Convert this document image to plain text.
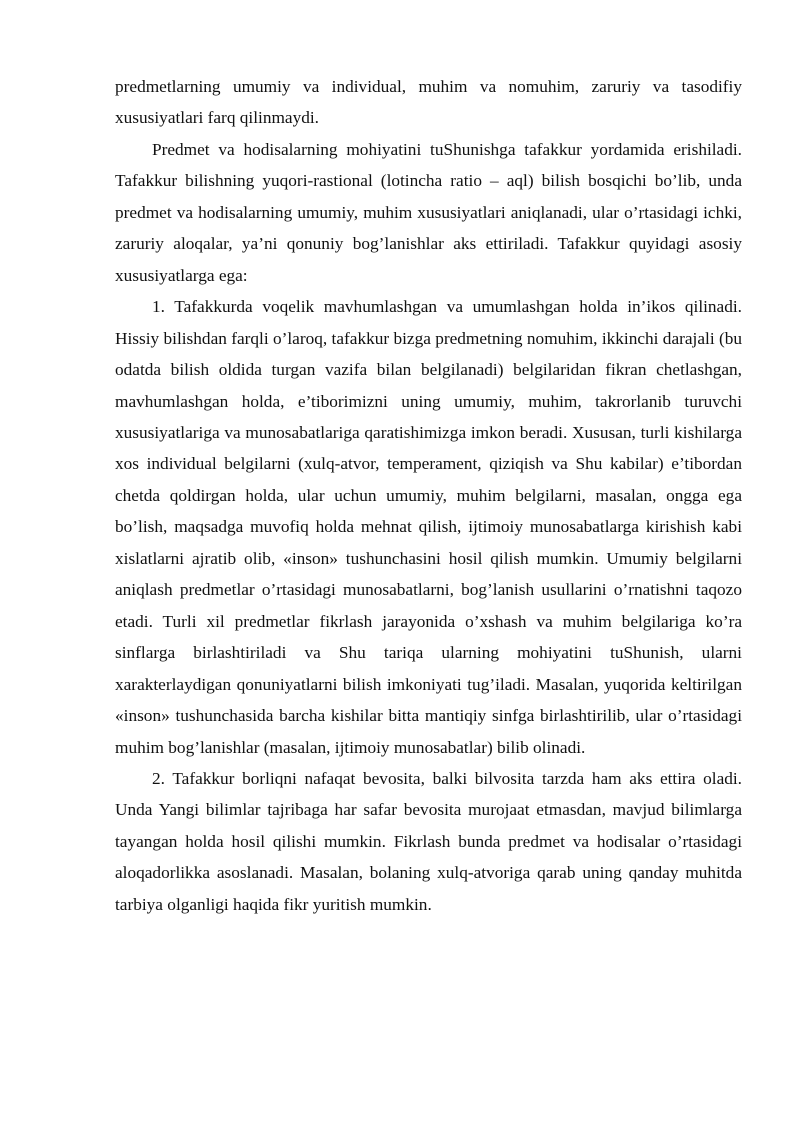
predmetlarning umumiy va individual, muhim va nomuhim, zaruriy va tasodifiy xususiyatlari farq qilinmaydi.

Predmet va hodisalarning mohiyatini tuShunishga tafakkur yordamida erishiladi. Tafakkur bilishning yuqori-rastional (lotincha ratio – aql) bilish bosqichi bo’lib, unda predmet va hodisalarning umumiy, muhim xususiyatlari aniqlanadi, ular o’rtasidagi ichki, zaruriy aloqalar, ya’ni qonuniy bog’lanishlar aks ettiriladi. Tafakkur quyidagi asosiy xususiyatlarga ega:

1. Tafakkurda voqelik mavhumlashgan va umumlashgan holda in’ikos qilinadi. Hissiy bilishdan farqli o’laroq, tafakkur bizga predmetning nomuhim, ikkinchi darajali (bu odatda bilish oldida turgan vazifa bilan belgilanadi) belgilaridan fikran chetlashgan, mavhumlashgan holda, e’tiborimizni uning umumiy, muhim, takrorlanib turuvchi xususiyatlariga va munosabatlariga qaratishimizga imkon beradi. Xususan, turli kishilarga xos individual belgilarni (xulq-atvor, temperament, qiziqish va Shu kabilar) e’tibordan chetda qoldirgan holda, ular uchun umumiy, muhim belgilarni, masalan, ongga ega bo’lish, maqsadga muvofiq holda mehnat qilish, ijtimoiy munosabatlarga kirishish kabi xislatlarni ajratib olib, «inson» tushunchasini hosil qilish mumkin. Umumiy belgilarni aniqlash predmetlar o’rtasidagi munosabatlarni, bog’lanish usullarini o’rnatishni taqozo etadi. Turli xil predmetlar fikrlash jarayonida o’xshash va muhim belgilariga ko’ra sinflarga birlashtiriladi va Shu tariqa ularning mohiyatini tuShunish, ularni xarakterlaydigan qonuniyatlarni bilish imkoniyati tug’iladi. Masalan, yuqorida keltirilgan «inson» tushunchasida barcha kishilar bitta mantiqiy sinfga birlashtirilib, ular o’rtasidagi muhim bog’lanishlar (masalan, ijtimoiy munosabatlar) bilib olinadi.

2. Tafakkur borliqni nafaqat bevosita, balki bilvosita tarzda ham aks ettira oladi. Unda Yangi bilimlar tajribaga har safar bevosita murojaat etmasdan, mavjud bilimlarga tayangan holda hosil qilishi mumkin. Fikrlash bunda predmet va hodisalar o’rtasidagi aloqadorlikka asoslanadi. Masalan, bolaning xulq-atvoriga qarab uning qanday muhitda tarbiya olganligi haqida fikr yuritish mumkin.
